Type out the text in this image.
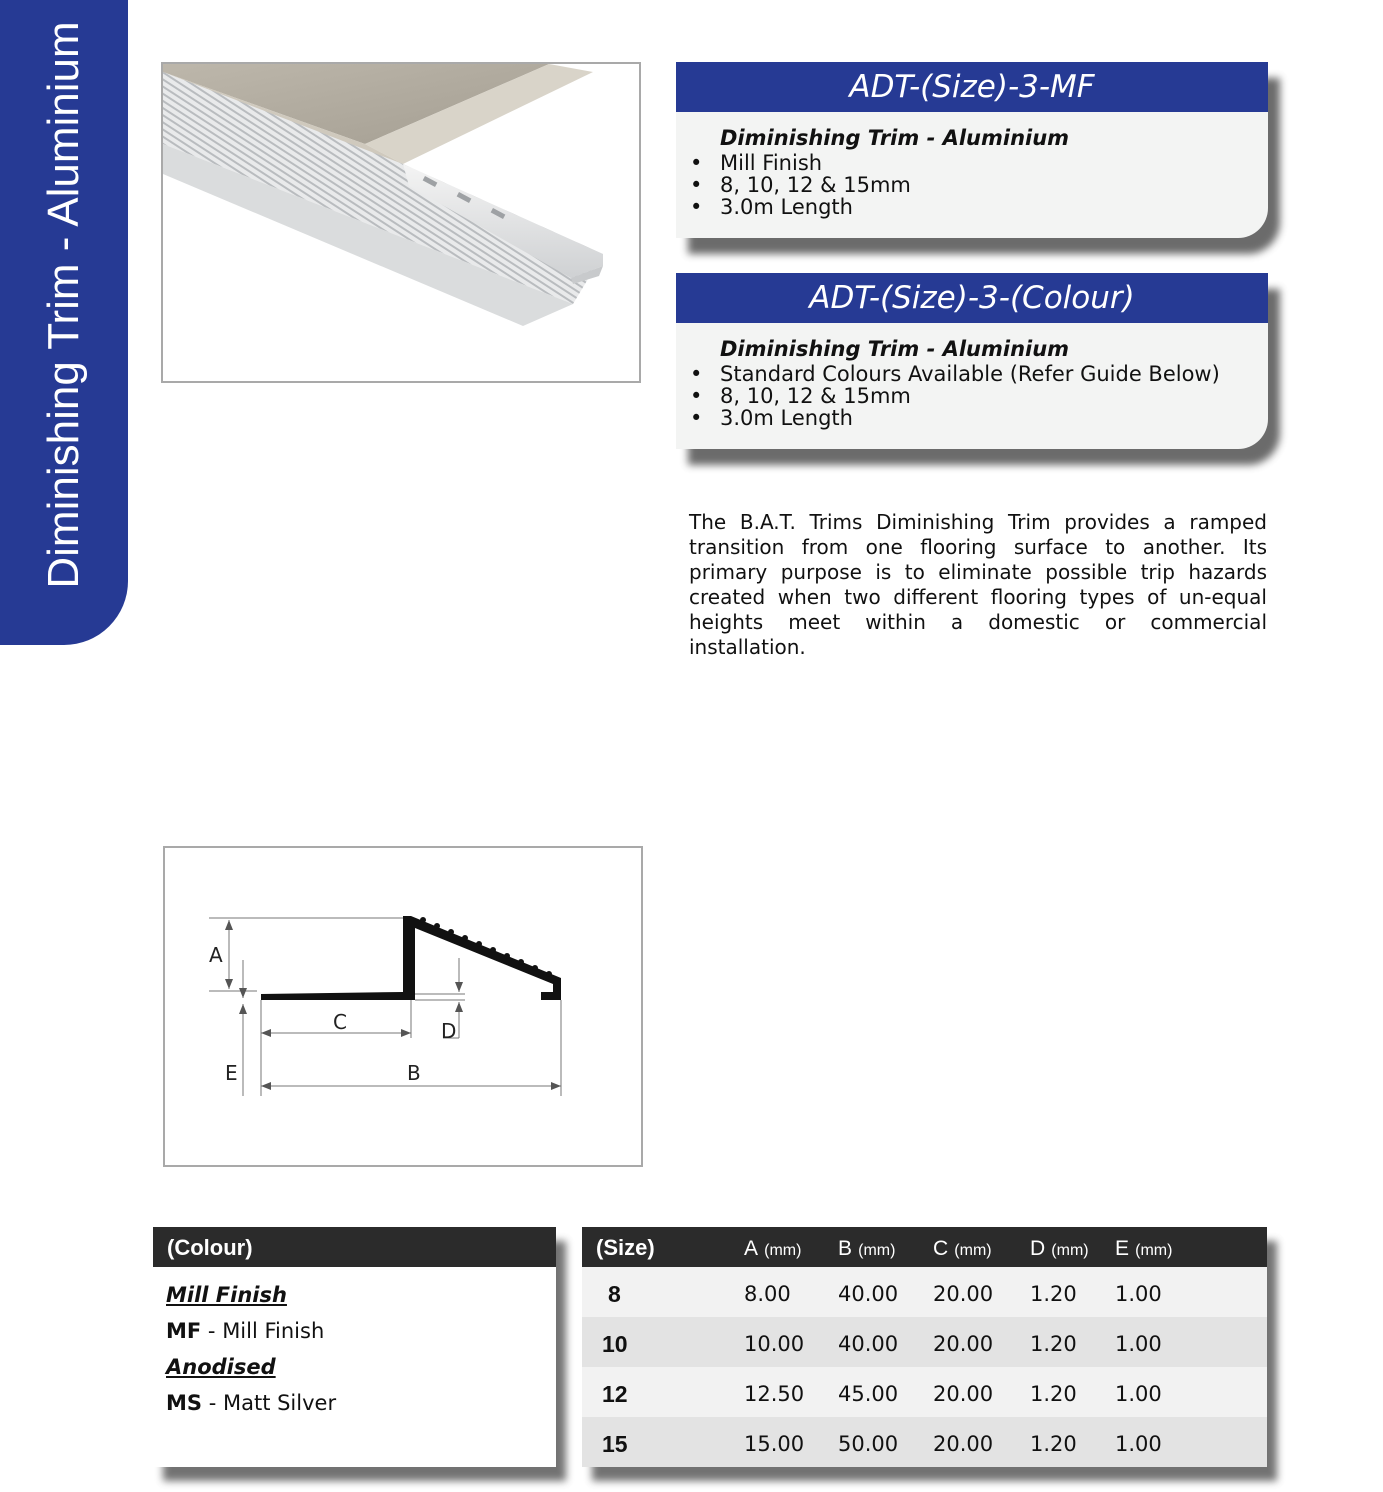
Diminishing Trim - Aluminium	ADT-(Size)-3-MF
Diminishing Trim - Aluminium
• Mill Finish
• 8, 10, 12 & 15mm
• 3.0m Length
ADT-(Size)-3-(Colour)
Diminishing Trim - Aluminium
• Standard Colours Available (Refer Guide Below)
• 8, 10, 12 & 15mm
• 3.0m Length
The B.A.T. Trims Diminishing Trim provides a ramped transition from one flooring surface to another. Its primary purpose is to eliminate possible trip hazards created when two different flooring types of un-equal heights meet within a domestic or commercial installation.
A
C	D
E	B
(Colour)
Mill Finish
MF - Mill Finish
Anodised
MS - Matt Silver
(Size)	A (mm) B (mm) C (mm) D (mm) E (mm)
8	8.00 40.00 20.00 1.20 1.00
10	10.00 40.00 20.00 1.20 1.00
12	12.50 45.00 20.00 1.20 1.00
15	15.00 50.00 20.00 1.20 1.00
